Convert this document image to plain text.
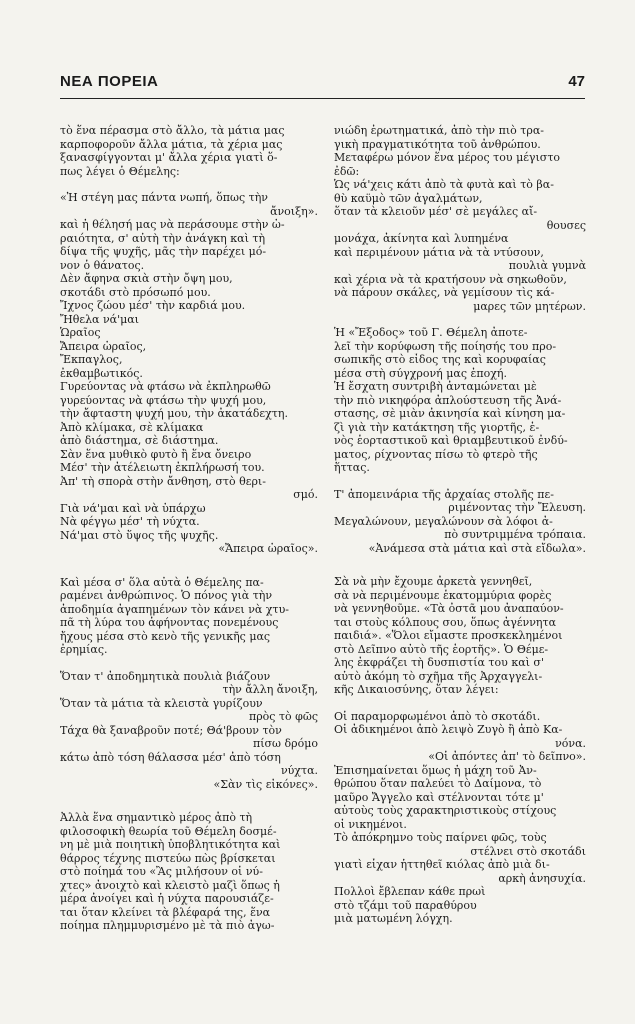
ΝΕΑ ΠΟΡΕΙΑ	47
τὸ ἕνα πέρασμα στὸ ἄλλο, τὰ μάτια μας
καρποφοροῦν ἄλλα μάτια, τὰ χέρια μας
ξανασφίγγονται μ' ἄλλα χέρια γιατὶ ὅ-
πως λέγει ὁ Θέμελης:
«Ἡ στέγη μας πάντα νωπή, ὅπως τὴν
ἄνοιξη».
καὶ ἡ θέλησή μας νὰ περάσουμε στὴν ὡ-
ραιότητα, σ' αὐτὴ τὴν ἀνάγκη καὶ τὴ
δίψα τῆς ψυχῆς, μᾶς τὴν παρέχει μό-
νον ὁ θάνατος.
Δὲν ἄφηνα σκιὰ στὴν ὄψη μου,
σκοτάδι στὸ πρόσωπό μου.
Ἴχνος ζώου μέσ' τὴν καρδιά μου.
Ἤθελα νά'μαι
Ὡραῖος
Ἄπειρα ὡραῖος,
Ἔκπαγλος,
ἐκθαμβωτικός.
Γυρεύοντας νὰ φτάσω νὰ ἐκπληρωθῶ
γυρεύοντας νὰ φτάσω τὴν ψυχή μου,
τὴν ἄφταστη ψυχή μου, τὴν ἀκατάδεχτη.
Ἀπὸ κλίμακα, σὲ κλίμακα
ἀπὸ διάστημα, σὲ διάστημα.
Σὰν ἕνα μυθικὸ φυτὸ ἢ ἕνα ὄνειρο
Μέσ' τὴν ἀτέλειωτη ἐκπλήρωσή του.
Ἀπ' τὴ σπορὰ στὴν ἄνθηση, στὸ θερι-
σμό.
Γιὰ νά'μαι καὶ νὰ ὑπάρχω
Νὰ φέγγω μέσ' τὴ νύχτα.
Νά'μαι στὸ ὕψος τῆς ψυχῆς.
«Ἄπειρα ὡραῖος».
Καὶ μέσα σ' ὅλα αὐτὰ ὁ Θέμελης πα-
ραμένει ἀνθρώπινος. Ὁ πόνος γιὰ τὴν
ἀποδημία ἀγαπημένων τὸν κάνει νὰ χτυ-
πᾶ τὴ λύρα του ἀφήνοντας πονεμένους
ἤχους μέσα στὸ κενὸ τῆς γενικῆς μας
ἐρημίας.
Ὅταν τ' ἀποδημητικὰ πουλιὰ βιάζουν
τὴν ἄλλη ἄνοιξη,
Ὅταν τὰ μάτια τὰ κλειστὰ γυρίζουν
πρὸς τὸ φῶς
Τάχα θὰ ξαναβροῦν ποτέ; Θά'βρουν τὸν
πίσω δρόμο
κάτω ἀπὸ τόση θάλασσα μέσ' ἀπὸ τόση
νύχτα.
«Σὰν τὶς εἰκόνες».
Ἀλλὰ ἕνα σημαντικὸ μέρος ἀπὸ τὴ
φιλοσοφικὴ θεωρία τοῦ Θέμελη δοσμέ-
νη μὲ μιὰ ποιητικὴ ὑποβλητικότητα καὶ
θάρρος τέχνης πιστεύω πὼς βρίσκεται
στὸ ποίημά του «Ἂς μιλήσουν οἱ νύ-
χτες» ἀνοιχτὸ καὶ κλειστὸ μαζὶ ὅπως ἡ
μέρα ἀνοίγει καὶ ἡ νύχτα παρουσιάζε-
ται ὅταν κλείνει τὰ βλέφαρά της, ἕνα
ποίημα πλημμυρισμένο μὲ τὰ πιὸ ἀγω-
νιώδη ἐρωτηματικά, ἀπὸ τὴν πιὸ τρα-
γικὴ πραγματικότητα τοῦ ἀνθρώπου.
Μεταφέρω μόνον ἕνα μέρος του μέγιστο
ἐδῶ:
Ὡς νά'χεις κάτι ἀπὸ τὰ φυτὰ καὶ τὸ βα-
θὺ καϋμὸ τῶν ἀγαλμάτων,
ὅταν τὰ κλειοῦν μέσ' σὲ μεγάλες αἴ-
θουσες
μονάχα, ἀκίνητα καὶ λυπημένα
καὶ περιμένουν μάτια νὰ τὰ ντύσουν,
πουλιὰ γυμνὰ
καὶ χέρια νὰ τὰ κρατήσουν νὰ σηκωθοῦν,
νὰ πάρουν σκάλες, νὰ γεμίσουν τὶς κά-
μαρες τῶν μητέρων.
Ἡ «Ἔξοδος» τοῦ Γ. Θέμελη ἀποτε-
λεῖ τὴν κορύφωση τῆς ποίησής του προ-
σωπικῆς στὸ εἶδος της καὶ κορυφαίας
μέσα στὴ σύγχρονή μας ἐποχή.
Ἡ ἔσχατη συντριβὴ ἀνταμώνεται μὲ
τὴν πιὸ νικηφόρα ἀπλούστευση τῆς Ἀνά-
στασης, σὲ μιὰν ἀκινησία καὶ κίνηση μα-
ζὶ γιὰ τὴν κατάκτηση τῆς γιορτῆς, ἑ-
νὸς ἑορταστικοῦ καὶ θριαμβευτικοῦ ἐνδύ-
ματος, ρίχνοντας πίσω τὸ φτερὸ τῆς
ἥττας.
Τ' ἀπομεινάρια τῆς ἀρχαίας στολῆς πε-
ριμένοντας τὴν Ἔλευση.
Μεγαλώνουν, μεγαλώνουν σὰ λόφοι ἀ-
πὸ συντριμμένα τρόπαια.
«Ἀνάμεσα στὰ μάτια καὶ στὰ εἴδωλα».
Σὰ νὰ μὴν ἔχουμε ἀρκετὰ γεννηθεῖ,
σὰ νὰ περιμένουμε ἑκατομμύρια φορὲς
νὰ γεννηθοῦμε. «Τὰ ὀστᾶ μου ἀναπαύον-
ται στοὺς κόλπους σου, ὅπως ἀγέννητα
παιδιά». «Ὅλοι εἴμαστε προσκεκλημένοι
στὸ Δεῖπνο αὐτὸ τῆς ἑορτῆς». Ὁ Θέμε-
λης ἐκφράζει τὴ δυσπιστία του καὶ σ'
αὐτὸ ἀκόμη τὸ σχῆμα τῆς Ἀρχαγγελι-
κῆς Δικαιοσύνης, ὅταν λέγει:
Οἱ παραμορφωμένοι ἀπὸ τὸ σκοτάδι.
Οἱ ἀδικημένοι ἀπὸ λειψὸ Ζυγὸ ἢ ἀπὸ Κα-
νόνα.
«Οἱ ἀπόντες ἀπ' τὸ δεῖπνο».
Ἐπισημαίνεται ὅμως ἡ μάχη τοῦ Ἀν-
θρώπου ὅταν παλεύει τὸ Δαίμονα, τὸ
μαῦρο Ἄγγελο καὶ στέλνονται τότε μ'
αὐτοὺς τοὺς χαρακτηριστικοὺς στίχους
οἱ νικημένοι.
Τὸ ἀπόκρημνο τοὺς παίρνει φῶς, τοὺς
στέλνει στὸ σκοτάδι
γιατὶ εἶχαν ἡττηθεῖ κιόλας ἀπὸ μιὰ δι-
αρκὴ ἀνησυχία.
Πολλοὶ ἔβλεπαν κάθε πρωὶ
στὸ τζάμι τοῦ παραθύρου
μιὰ ματωμένη λόγχη.
